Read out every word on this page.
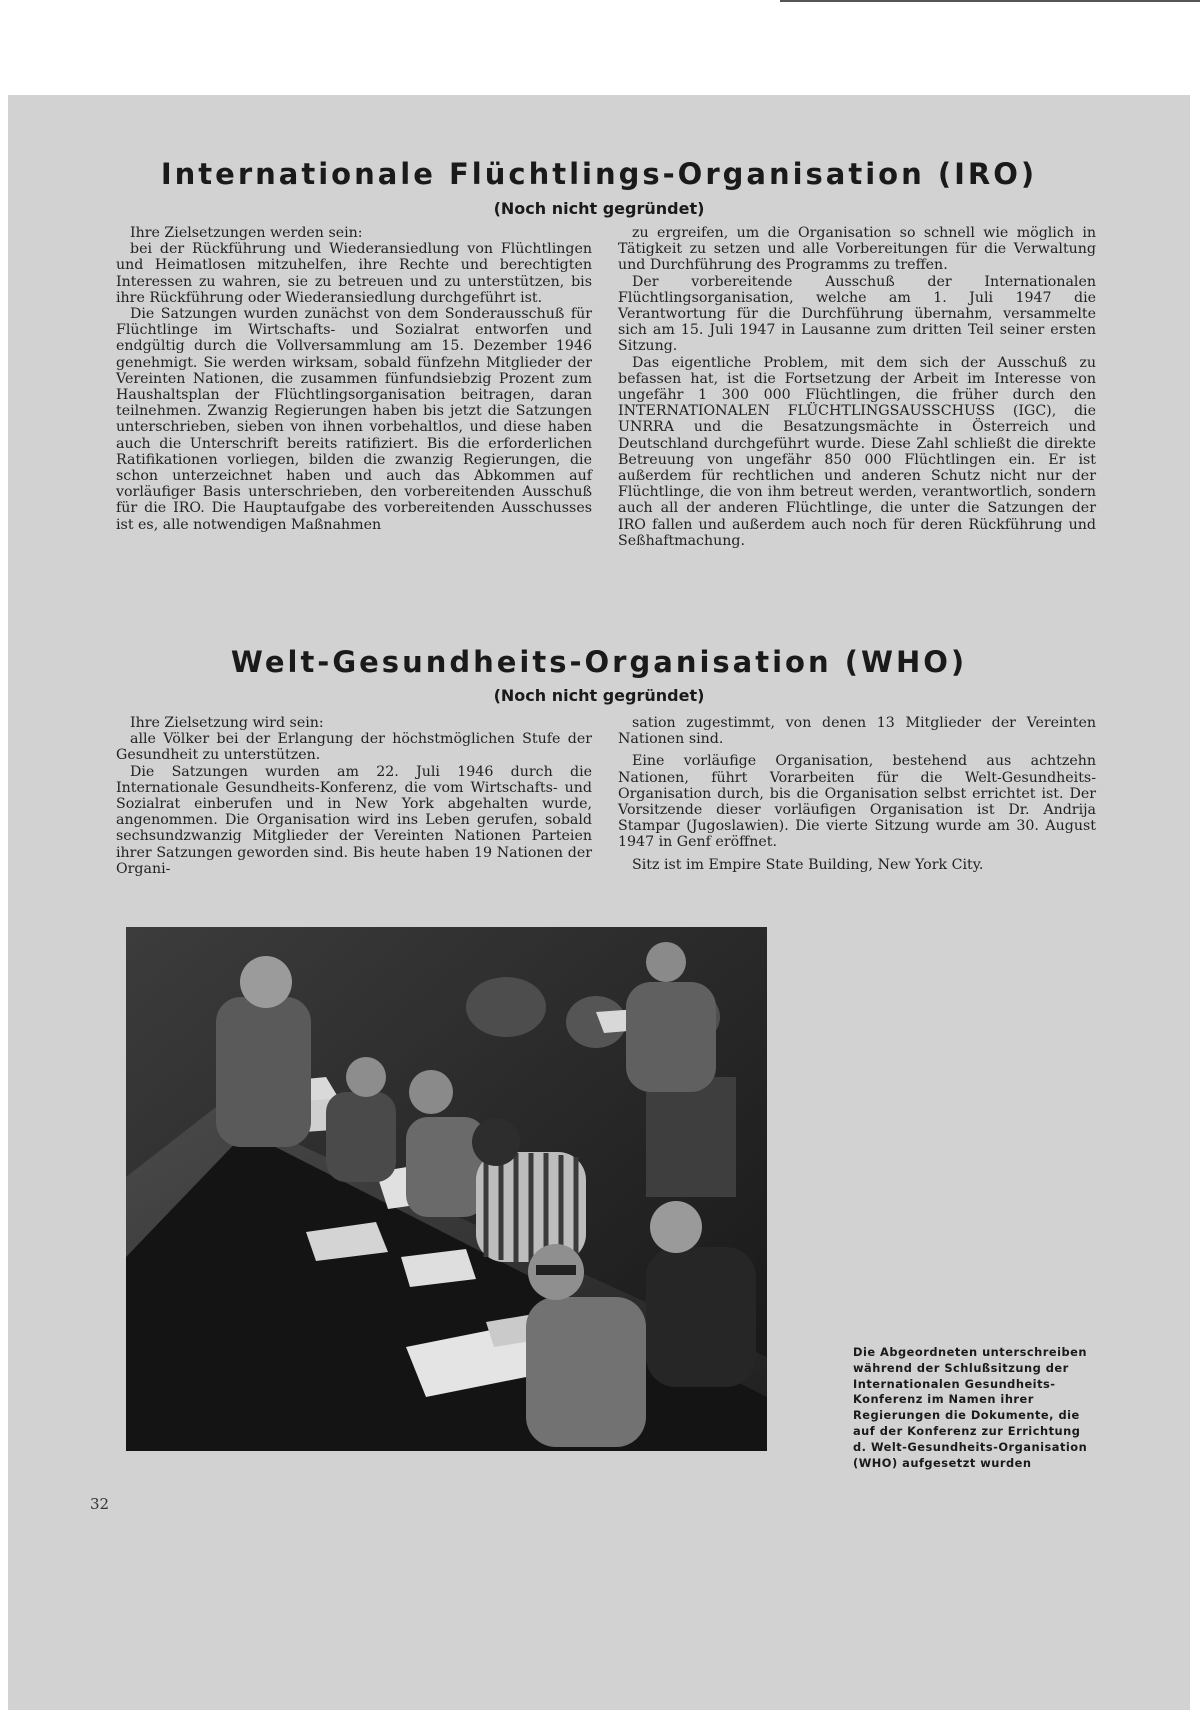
Internationale Flüchtlings-Organisation (IRO)
(Noch nicht gegründet)

Ihre Zielsetzungen werden sein:

bei der Rückführung und Wiederansiedlung von Flüchtlingen und Heimatlosen mitzuhelfen, ihre Rechte und berechtigten Interessen zu wahren, sie zu betreuen und zu unterstützen, bis ihre Rückführung oder Wiederansiedlung durchgeführt ist.

Die Satzungen wurden zunächst von dem Sonderausschuß für Flüchtlinge im Wirtschafts- und Sozialrat entworfen und endgültig durch die Vollversammlung am 15. Dezember 1946 genehmigt. Sie werden wirksam, sobald fünfzehn Mitglieder der Vereinten Nationen, die zusammen fünfundsiebzig Prozent zum Haushaltsplan der Flüchtlingsorganisation beitragen, daran teilnehmen. Zwanzig Regierungen haben bis jetzt die Satzungen unterschrieben, sieben von ihnen vorbehaltlos, und diese haben auch die Unterschrift bereits ratifiziert. Bis die erforderlichen Ratifikationen vorliegen, bilden die zwanzig Regierungen, die schon unterzeichnet haben und auch das Abkommen auf vorläufiger Basis unterschrieben, den vorbereitenden Ausschuß für die IRO. Die Hauptaufgabe des vorbereitenden Ausschusses ist es, alle notwendigen Maßnahmen

zu ergreifen, um die Organisation so schnell wie möglich in Tätigkeit zu setzen und alle Vorbereitungen für die Verwaltung und Durchführung des Programms zu treffen.

Der vorbereitende Ausschuß der Internationalen Flüchtlingsorganisation, welche am 1. Juli 1947 die Verantwortung für die Durchführung übernahm, versammelte sich am 15. Juli 1947 in Lausanne zum dritten Teil seiner ersten Sitzung.

Das eigentliche Problem, mit dem sich der Ausschuß zu befassen hat, ist die Fortsetzung der Arbeit im Interesse von ungefähr 1 300 000 Flüchtlingen, die früher durch den INTERNATIONALEN FLÜCHTLINGSAUSSCHUSS (IGC), die UNRRA und die Besatzungsmächte in Österreich und Deutschland durchgeführt wurde. Diese Zahl schließt die direkte Betreuung von ungefähr 850 000 Flüchtlingen ein. Er ist außerdem für rechtlichen und anderen Schutz nicht nur der Flüchtlinge, die von ihm betreut werden, verantwortlich, sondern auch all der anderen Flüchtlinge, die unter die Satzungen der IRO fallen und außerdem auch noch für deren Rückführung und Seßhaftmachung.

Welt-Gesundheits-Organisation (WHO)
(Noch nicht gegründet)

Ihre Zielsetzung wird sein:

alle Völker bei der Erlangung der höchstmöglichen Stufe der Gesundheit zu unterstützen.

Die Satzungen wurden am 22. Juli 1946 durch die Internationale Gesundheits-Konferenz, die vom Wirtschafts- und Sozialrat einberufen und in New York abgehalten wurde, angenommen. Die Organisation wird ins Leben gerufen, sobald sechsundzwanzig Mitglieder der Vereinten Nationen Parteien ihrer Satzungen geworden sind. Bis heute haben 19 Nationen der Organi-

sation zugestimmt, von denen 13 Mitglieder der Vereinten Nationen sind.

Eine vorläufige Organisation, bestehend aus achtzehn Nationen, führt Vorarbeiten für die Welt-Gesundheits-Organisation durch, bis die Organisation selbst errichtet ist. Der Vorsitzende dieser vorläufigen Organisation ist Dr. Andrija Stampar (Jugoslawien). Die vierte Sitzung wurde am 30. August 1947 in Genf eröffnet.

Sitz ist im Empire State Building, New York City.

Die Abgeordneten unterschreiben während der Schlußsitzung der Internationalen Gesundheits-Konferenz im Namen ihrer Regierungen die Dokumente, die auf der Konferenz zur Errichtung d. Welt-Gesundheits-Organisation (WHO) aufgesetzt wurden
32
